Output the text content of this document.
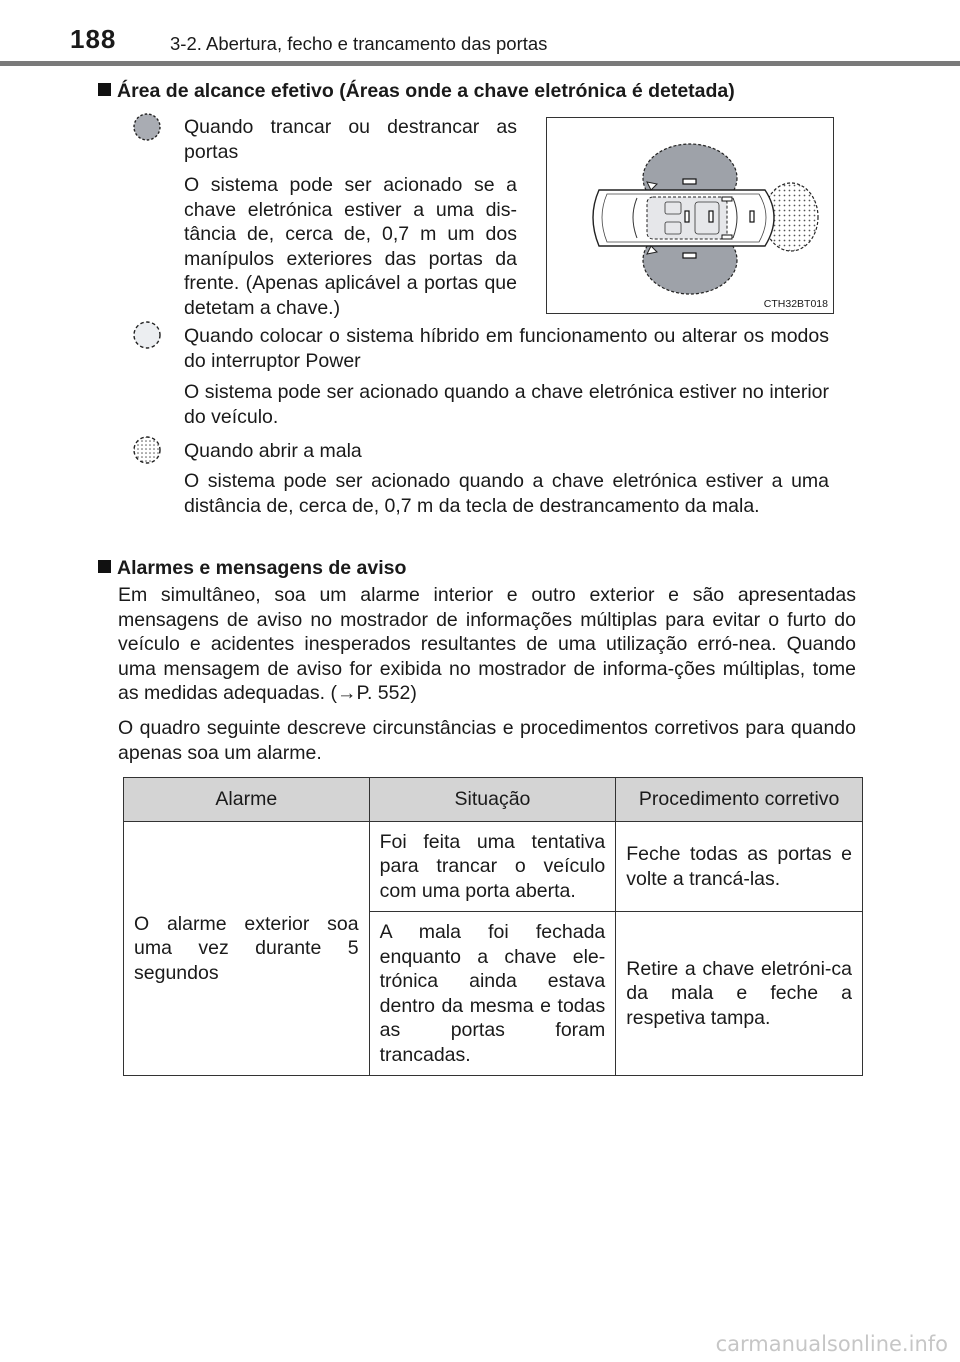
188	3-2. Abertura, fecho e trancamento das portas
Área de alcance efetivo (Áreas onde a chave eletrónica é detetada)
Quando trancar ou destrancar as portas
O sistema pode ser acionado se a chave eletrónica estiver a uma dis-tância de, cerca de, 0,7 m um dos manípulos exteriores das portas da frente. (Apenas aplicável a portas que detetam a chave.)	CTH32BT018
Quando colocar o sistema híbrido em funcionamento ou alterar os modos do interruptor Power
O sistema pode ser acionado quando a chave eletrónica estiver no interior do veículo.
Quando abrir a mala
O sistema pode ser acionado quando a chave eletrónica estiver a uma distância de, cerca de, 0,7 m da tecla de destrancamento da mala.
Alarmes e mensagens de aviso
Em simultâneo, soa um alarme interior e outro exterior e são apresentadas mensagens de aviso no mostrador de informações múltiplas para evitar o furto do veículo e acidentes inesperados resultantes de uma utilização erró-nea. Quando uma mensagem de aviso for exibida no mostrador de informa-ções múltiplas, tome as medidas adequadas. (→P. 552)
O quadro seguinte descreve circunstâncias e procedimentos corretivos para quando apenas soa um alarme.
Alarme	Situação	Procedimento corretivo
O alarme exterior soa uma vez durante 5 segundos	Foi feita uma tentativa para trancar o veículo com uma porta aberta.	Feche todas as portas e volte a trancá-las.
	A mala foi fechada enquanto a chave ele-trónica ainda estava dentro da mesma e todas as portas foram trancadas.	Retire a chave eletróni-ca da mala e feche a respetiva tampa.
carmanualsonline.info
